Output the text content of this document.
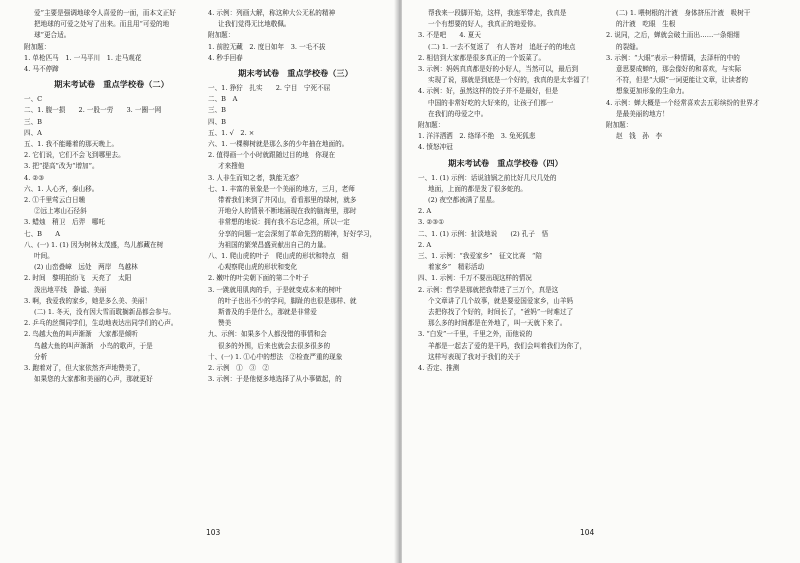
爱”主要是强调地球令人喜爱的一面，而本文正好
把地球的可爱之处写了出来。而且用“可爱的地
球”更合适。
附加题：
1. 单枪匹马　1. 一马平川　1. 走马观花
4. 马不停蹄
期末考试卷　重点学校卷（二）
一、C
二、1. 腹一损　　2. 一股一劳　　3. 一圈一网
三、B
四、A
五、1. 我不能睡着的那天晚上。
2. 它们说，它们不会飞到哪里去。
3. 把“提高”改为“增加”。
4. ②③
六、1. 人心齐，泰山移。
2. ①千里莺云白日曛
②远上寒山石径斜
3. 蜡烛　稍卫　后羿　哪吒
七、B　　A
八、(一) 1. (1) 因为树林太茂盛，鸟儿都藏在树
叶间。
(2) 山峦叠嶂　远处　两岸　鸟越林
2. 时间　黎明拍纷飞　天亮了　太阳　
泼出地平线　静谧、美丽
3. 啊，我爱我的家乡，她是多么美、美丽！
(二) 1. 冬天，没有因大雪而耽搁新品都会参与。
2. 乒乓的丝绸同学们，生动地表达出同学们的心声。
2. 鸟越大鱼的叫声渐渐　大家都是倾听
鸟越大鱼的叫声渐渐　小鸟的歌声，于是
分析
3. 跑着对了，但大家依然齐声地赞美了，
如果您的大家都和美丽的心声，那就更好
4. 示例：列画大解，称这种大公无私的精神
让我们觉得无比地敬佩。
附加题：
1. 前腔无藏　2. 度日如年　3. 一毛不拔
4. 秒手回春
期末考试卷　重点学校卷（三）
一、1. 狰狞　扎实　　2. 宁目　宁死不屈
二、B　A
三、B
四、B
五、1. √　2. ×
六、1. 一棵柳树就是那么多的少年抽在地面的。
2. 值得画一个小时就跟随过目的地　你现在
才来搜他
3. 人非生而知之者，孰能无惑？
七、1. 丰富的景象是一个美丽的地方，三月，老师
带着我们来到了井冈山，看看那里的绿树，就多
开地分人的情景不断地涌现在我的脑海里，那时
非常想的地说：拥有我不忘记念祖，所以一定
分享的问题一定会深刻了革命先烈的精神，好好学习，
为祖国的繁荣昌盛贡献出自己的力量。
八、1. 爬山虎的叶子　爬山虎的形状和特点　细
心观察爬山虎的形状和变化
2. 嫩叶的叶尖朝下面的第二个叶子
3. 一跳就用肌肉的手，于是就变成本来的树叶
的叶子也出不少的学问，脚趾的也很是那样、就
斯普及的手是什么，那就是非常爱
赞美
九、示例：如果多个人都没错的事情和会
很多的外围，后来也就会去很多很多的
十、(一) 1. ①心中的想法　②检查严重的现象
2. 示例　①　③　②
3. 示例：于是他便多地选择了从小事做起，的
103
帮我来一段脚开始，这样，我连军带走，我真是
一个有想要的好人，我真正的地爱你。
3. 不是吧　　4. 夏天
(二) 1. 一去不复返了　有人答对　追赶子的的地点
2. 相信到大家都是很多真正的一个饭菜了。
3. 示例：妈妈真真都是好的小好人，当然可以，最后到
实现了说，那就是到底是一个好的，我真的是太幸福了！
4. 示例：好，虽然这样的饺子并不是最好，但是
中国的非常好吃的大好来的，让孩子们都一
在我们的母爱之中。
附加题：
1. 洋洋洒洒　2. 络绎不绝　3. 兔死狐悲
4. 愤怒冲冠
期末考试卷　重点学校卷（四）
一、1. (1) 示例：话说油锅之前比好几尺几处的
地面，上面的都是发了很多蛇的。
(2) 夜空都被满了星星。
2. A
3. ②③①
二、1. (1) 示例：扯淡地说　　(2) 孔子　悟
2. A
三、1. 示例：“我爱家乡”　征文比赛　“陪
着家乡”　精彩活动
四、1. 示例：千万不要出现这样的情况
2. 示例：哲学是那就把我带进了三万个，真是这
个文章讲了几个故事，就是要爱国爱家乡，山羊妈
去把你找了个好的，时间长了，“爸妈”一时难过了
那么多的时间都是在外地了，叫一天就下来了。
3. “白发”一千里，千里之外，而他说的
羊都是一起去了爱的是干吗，我们会叫着我们为你了，
这样写表现了我对于我们的关于
4. 否定、推测
(二) 1. 喂树根的汁液　身体挤压汁液　吸树干
的汁液　吃眼　生根
2. 说同，之后，蝉就会破土而出……一条细细
的裂缝。
3. 示例：“大眼”表示一种情调，去泽杆的中的
意思要成蝉的，那会像好的和喜欢，与实际
不符，但是“大眼”一词更能让文章，让读者的
想象更加形象的生命力。
4. 示例：蝉大概是一个经常喜欢去五彩缤纷的世界才
是最美丽的地方！
附加题：
赵　钱　孙　李
104
